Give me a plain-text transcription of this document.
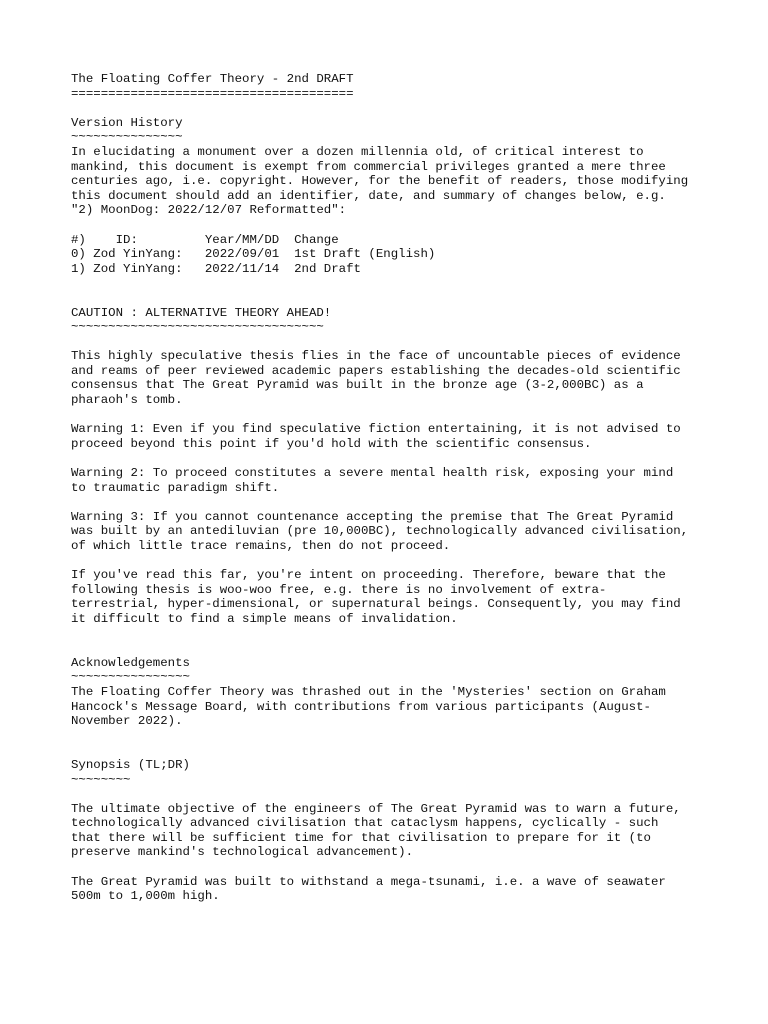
The Floating Coffer Theory - 2nd DRAFT
======================================
Version History
~~~~~~~~~~~~~~~
In elucidating a monument over a dozen millennia old, of critical interest to
mankind, this document is exempt from commercial privileges granted a mere three
centuries ago, i.e. copyright. However, for the benefit of readers, those modifying
this document should add an identifier, date, and summary of changes below, e.g.
"2) MoonDog: 2022/12/07 Reformatted":
#)    ID:         Year/MM/DD  Change
0) Zod YinYang:   2022/09/01  1st Draft (English)
1) Zod YinYang:   2022/11/14  2nd Draft
CAUTION : ALTERNATIVE THEORY AHEAD!
~~~~~~~~~~~~~~~~~~~~~~~~~~~~~~~~~~
This highly speculative thesis flies in the face of uncountable pieces of evidence
and reams of peer reviewed academic papers establishing the decades-old scientific
consensus that The Great Pyramid was built in the bronze age (3-2,000BC) as a
pharaoh's tomb.
Warning 1: Even if you find speculative fiction entertaining, it is not advised to
proceed beyond this point if you'd hold with the scientific consensus.
Warning 2: To proceed constitutes a severe mental health risk, exposing your mind
to traumatic paradigm shift.
Warning 3: If you cannot countenance accepting the premise that The Great Pyramid
was built by an antediluvian (pre 10,000BC), technologically advanced civilisation,
of which little trace remains, then do not proceed.
If you've read this far, you're intent on proceeding. Therefore, beware that the
following thesis is woo-woo free, e.g. there is no involvement of extra-
terrestrial, hyper-dimensional, or supernatural beings. Consequently, you may find
it difficult to find a simple means of invalidation.
Acknowledgements
~~~~~~~~~~~~~~~~
The Floating Coffer Theory was thrashed out in the 'Mysteries' section on Graham
Hancock's Message Board, with contributions from various participants (August-
November 2022).
Synopsis (TL;DR)
~~~~~~~~
The ultimate objective of the engineers of The Great Pyramid was to warn a future,
technologically advanced civilisation that cataclysm happens, cyclically - such
that there will be sufficient time for that civilisation to prepare for it (to
preserve mankind's technological advancement).
The Great Pyramid was built to withstand a mega-tsunami, i.e. a wave of seawater
500m to 1,000m high.
